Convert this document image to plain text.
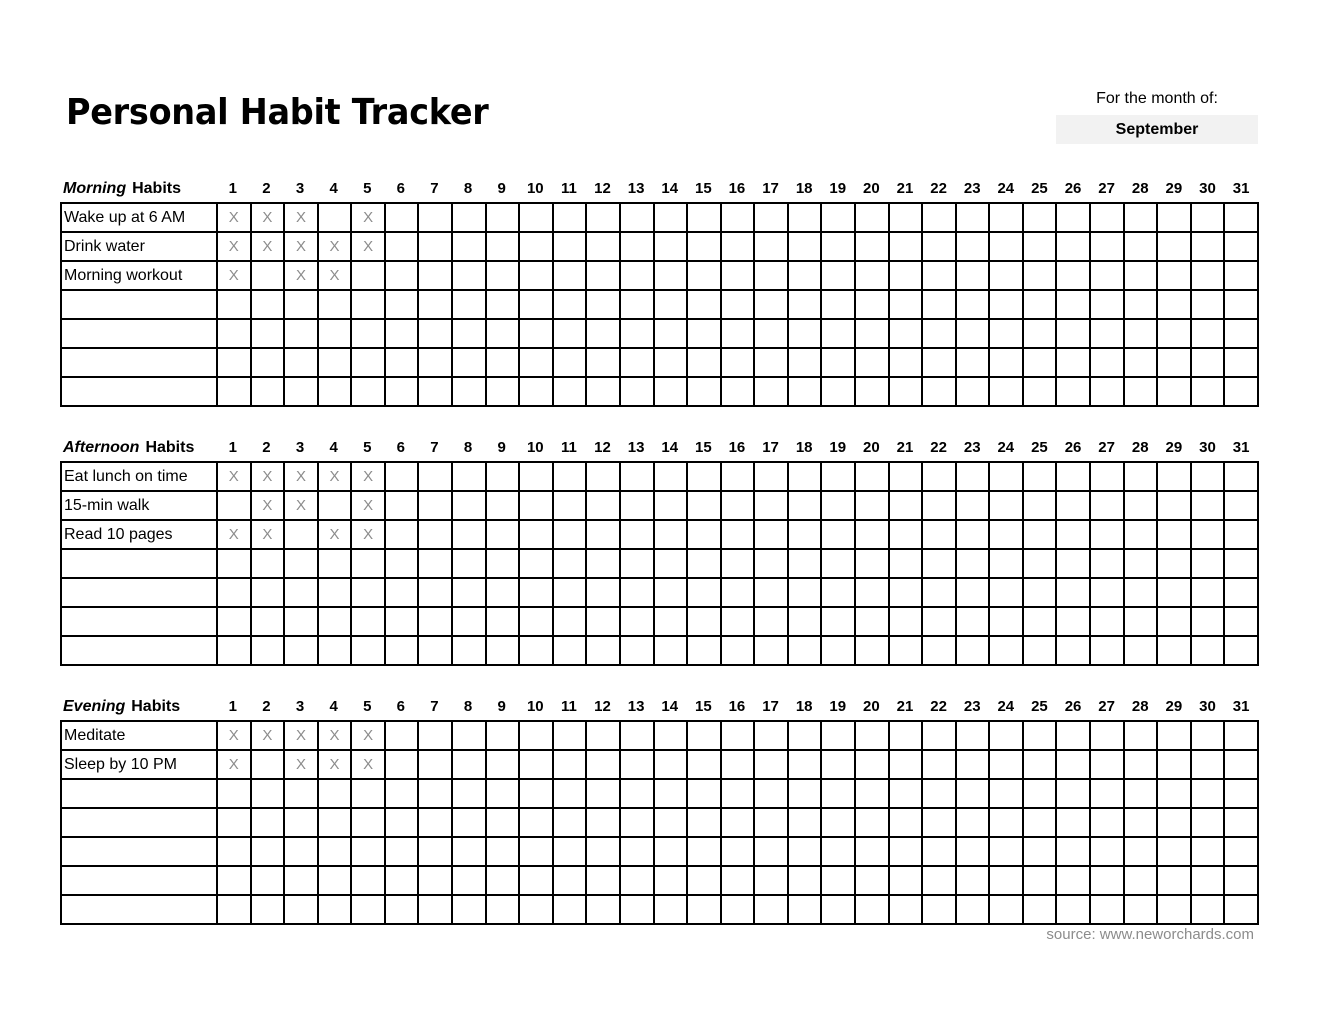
Personal Habit Tracker	For the month of:
September
Morning Habits	1	2	3	4	5	6	7	8	9	10	11	12	13	14	15	16	17	18	19	20	21	22	23	24	25	26	27	28	29	30	31
Wake up at 6 AM	X	X	X		X																										
Drink water	X	X	X	X	X																										
Morning workout	X		X	X																											

Afternoon Habits	1	2	3	4	5	6	7	8	9	10	11	12	13	14	15	16	17	18	19	20	21	22	23	24	25	26	27	28	29	30	31
Eat lunch on time	X	X	X	X	X																										
15-min walk		X	X		X																										
Read 10 pages	X	X		X	X																										

Evening Habits	1	2	3	4	5	6	7	8	9	10	11	12	13	14	15	16	17	18	19	20	21	22	23	24	25	26	27	28	29	30	31
Meditate	X	X	X	X	X																										
Sleep by 10 PM	X		X	X	X																										

source: www.neworchards.com
